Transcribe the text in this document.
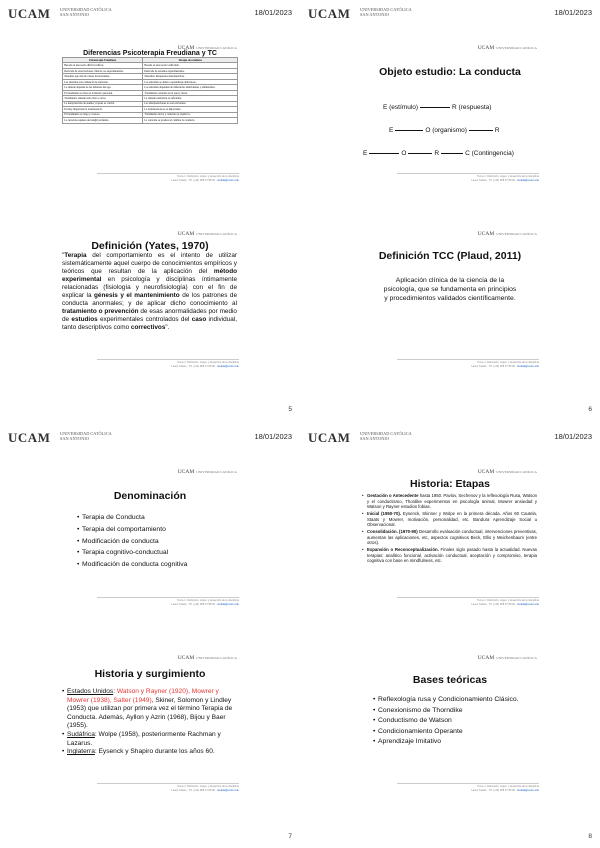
UCAM UNIVERSIDAD CATÓLICA
SAN ANTONIO	18/01/2023
UCAM UNIVERSIDAD CATÓLICA
Diferencias Psicoterapia Freudiana y TC
Psicoterapia Freudiana	Terapia de conducta
Basada en una teoría difícil verificar.	Basada en una teoría verificable.
Derivada de observaciones clínicas, no experimentales.	Derivada de estudios experimentales.
Síntomas que dan de causas inconscientes.	Síntomas: Respuestas desadaptativas.
Los síntomas son evidencia de represión.	Los síntomas se deben a aprendizaje defectuoso.
La síntesis depende de las defensas del ego.	Los síntomas dependen de diferencias individuales y ambientales.
El tratamiento se basa en la historia personal.	Tratamiento centrado en el aquí y ahora.
Tratamiento síntoma sólo lleva a otros.	La síntoma extinción es suficiente.
La interpretación de sueños y lapsus es crucial.	Las interpretaciones no son relevantes.
Es muy importante la transferencia.	La transferencia no es importante.
El tratamiento es largo y costoso.	Tratamiento breve y centrado en objetivos.
La curación requiere un insight profundo.	La curación se produce al cambiar la conducta.
Tema 1. Definición, origen y desarrollo de la disciplina
Laura Tudela · Tlf: (+34) 968 27 88 00 · ltudela@ucam.edu
UCAM UNIVERSIDAD CATÓLICA
Definición (Yates, 1970)
"Terapia del comportamiento es el intento de utilizar sistemáticamente aquel cuerpo de conocimientos empíricos y teóricos que resultan de la aplicación del método experimental en psicología y disciplinas íntimamente relacionadas (fisiología y neurofisiología) con el fin de explicar la génesis y el mantenimiento de los patrones de conducta anormales; y de aplicar dicho conocimiento al tratamiento o prevención de esas anormalidades por medio de estudios experimentales controlados del caso individual, tanto descriptivos como correctivos".
Tema 1. Definición, origen y desarrollo de la disciplina
Laura Tudela · Tlf: (+34) 968 27 88 00 · ltudela@ucam.edu
5
UCAM UNIVERSIDAD CATÓLICA
SAN ANTONIO	18/01/2023
UCAM UNIVERSIDAD CATÓLICA
Objeto estudio: La conducta
E (estímulo)	R (respuesta)
E	O (organismo)	R
E	O	R	C (Contingencia)
Tema 1. Definición, origen y desarrollo de la disciplina
Laura Tudela · Tlf: (+34) 968 27 88 00 · ltudela@ucam.edu
UCAM UNIVERSIDAD CATÓLICA
Definición TCC (Plaud, 2011)
Aplicación clínica de la ciencia de la psicología, que se fundamenta en principios y procedimientos validados científicamente.
Tema 1. Definición, origen y desarrollo de la disciplina
Laura Tudela · Tlf: (+34) 968 27 88 00 · ltudela@ucam.edu
6
UCAM UNIVERSIDAD CATÓLICA
SAN ANTONIO	18/01/2023
UCAM UNIVERSIDAD CATÓLICA
Denominación
• Terapia de Conducta
• Terapia del comportamiento
• Modificación de conducta
• Terapia cognitivo-conductual
• Modificación de conducta cognitiva
Tema 1. Definición, origen y desarrollo de la disciplina
Laura Tudela · Tlf: (+34) 968 27 88 00 · ltudela@ucam.edu
UCAM UNIVERSIDAD CATÓLICA
Historia y surgimiento
• Estados Unidos: Watson y Rayner (1920), Mowrer y Mowrer (1938), Salter (1949), Skiner, Solomon y Lindley (1953) que utilizan por primera vez el término Terapia de Conducta. Además, Ayllon y Azrin (1968), Bijou y Baer (1955).
• Sudáfrica: Wolpe (1958), posteriormente Rachman y Lazarus.
• Inglaterra: Eysenck y Shapiro durante los años 60.
Tema 1. Definición, origen y desarrollo de la disciplina
Laura Tudela · Tlf: (+34) 968 27 88 00 · ltudela@ucam.edu
7
UCAM UNIVERSIDAD CATÓLICA
SAN ANTONIO	18/01/2023
UCAM UNIVERSIDAD CATÓLICA
Historia: Etapas
• Gestación o Antecedente hasta 1950. Pavlov, Sechenov y la reflexología Rusa, Watson y el conductismo, Thordike experimentos en psicología animal, Mowrer ansiedad y Watson y Rayner estudios fobias.
• Inicial (1950-70). Eysenck, Skinner y Wolpe en la primera década. Años 60 Cautela, Staats y Mowrer, motivación, personalidad, etc. Bandura Aprendizaje Social u Observacional.
• Consolidación. (1970-90) Desarrollo evaluación conductual, intervenciones preventivas, aumentan las aplicaciones, etc, aspectos cognitivos Beck, Ellis y Meichenbaum (entre otros).
• Expansión o Reconceptualización. Finales siglo pasado hasta la actualidad. Nuevas terapias: analítico funcional, activación conductual, aceptación y compromiso, terapia cognitiva con base en mindfulness, etc.
Tema 1. Definición, origen y desarrollo de la disciplina
Laura Tudela · Tlf: (+34) 968 27 88 00 · ltudela@ucam.edu
UCAM UNIVERSIDAD CATÓLICA
Bases teóricas
• Reflexología rusa y Condicionamiento Clásico.
• Conexionismo de Thorndike
• Conductismo de Watson
• Condicionamiento Operante
• Aprendizaje Imitativo
Tema 1. Definición, origen y desarrollo de la disciplina
Laura Tudela · Tlf: (+34) 968 27 88 00 · ltudela@ucam.edu
8
